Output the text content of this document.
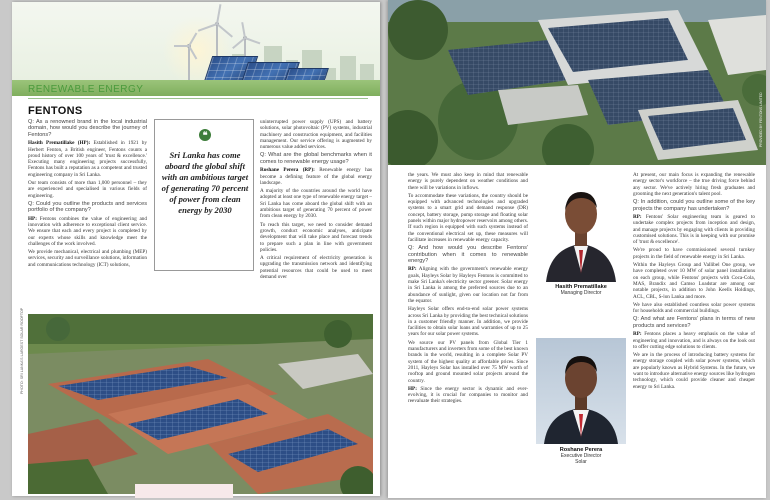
RENEWABLE ENERGY
FENTONS

Q: As a renowned brand in the local industrial domain, how would you describe the journey of Fentons?

Hasith Prematillake (HP): Established in 1921 by Herbert Fenton, a British engineer, Fentons counts a proud history of over 100 years of 'trust & excellence.' Executing many engineering projects successfully, Fentons has built a reputation as a competent and trusted engineering company in Sri Lanka.

Our team consists of more than 1,000 personnel – they are experienced and specialised in various fields of engineering.

Q: Could you outline the products and services portfolio of the company?

HP: Fentons combines the value of engineering and innovation with adherence to exceptional client service. We ensure that each and every project is completed by our experts whose skills and knowledge meet the challenges of the work involved.

We provide mechanical, electrical and plumbing (MEP) services, security and surveillance solutions, information and communications technology (ICT) solutions,

❝
Sri Lanka has come aboard the global shift with an ambitious target of generating 70 percent of power from clean energy by 2030

uninterrupted power supply (UPS) and battery solutions, solar photovoltaic (PV) systems, industrial machinery and construction equipment, and facilities management. Our service offering is augmented by numerous value added services.

Q: What are the global benchmarks when it comes to renewable energy usage?

Roshane Perera (RP): Renewable energy has become a defining feature of the global energy landscape.

A majority of the countries around the world have adopted at least one type of renewable energy target – Sri Lanka has come aboard the global shift with an ambitious target of generating 70 percent of power from clean energy by 2030.

To reach this target, we need to consider demand growth, conduct economic analyses, anticipate development that will take place and forecast trends to prepare such a plan in line with government policies.

A critical requirement of electricity generation is upgrading the transmission network and identifying potential resources that could be used to meet demand over

PHOTO: SRI LANKA'S LARGEST SOLAR ROOFTOP
PROVIDED BY FENTONS LIMITED

the years. We must also keep in mind that renewable energy is purely dependent on weather conditions and there will be variations in inflows.

To accommodate these variations, the country should be equipped with advanced technologies and upgraded systems to a smart grid and demand response (DR) concept, battery storage, pump storage and floating solar panels within major hydropower reservoirs among others. If such region is equipped with such systems instead of the conventional electrical set up, these measures will facilitate increases in renewable energy capacity.

Q: And how would you describe Fentons' contribution when it comes to renewable energy?

RP: Aligning with the government's renewable energy goals, Hayleys Solar by Hayleys Fentons is committed to make Sri Lanka's electricity sector greener. Solar energy in Sri Lanka is among the preferred sources due to an abundance of sunlight, given our location not far from the equator.

Hayleys Solar offers end-to-end solar power systems across Sri Lanka by providing the best technical solutions in a customer friendly manner. In addition, we provide facilities to obtain solar loans and warranties of up to 25 years for our solar power systems.

We source our PV panels from Global Tier 1 manufacturers and inverters from some of the best known brands in the world, resulting in a complete Solar PV system of the highest quality at affordable prices. Since 2011, Hayleys Solar has installed over 75 MW worth of rooftop and ground mounted solar projects around the country.

HP: Since the energy sector is dynamic and ever-evolving, it is crucial for companies to monitor and reevaluate their strategies.

Hasith Prematillake
Managing Director
Roshane Perera
Executive Director
Solar

At present, our main focus is expanding the renewable energy sector's workforce – the true driving force behind any sector. We've actively hiring fresh graduates and grooming the next generation's talent pool.

Q: In addition, could you outline some of the key projects the company has undertaken?

RP: Fentons' Solar engineering team is geared to undertake complex projects from inception and design, and manage projects by engaging with clients in providing customised solutions. This is in keeping with our promise of 'trust & excellence'.

We're proud to have commissioned several turnkey projects in the field of renewable energy in Sri Lanka.

Within the Hayleys Group and Vallibel One group, we have completed over 10 MW of solar panel installations on each group, while Fentons' projects with Coca-Cola, MAS, Brandix and Camso Loadstar are among our notable projects, in addition to John Keells Holdings, ACL, CBL, S-lon Lanka and more.

We have also established countless solar power systems for households and commercial buildings.

Q: And what are Fentons' plans in terms of new products and services?

RP: Fentons places a heavy emphasis on the value of engineering and innovation, and is always on the look out to offer cutting edge solutions to clients.

We are in the process of introducing battery systems for energy storage coupled with solar power systems, which are popularly known as Hybrid Systems. In the future, we want to introduce alternative energy sources like hydrogen technology, which could provide cleaner and cheaper energy to Sri Lanka.
